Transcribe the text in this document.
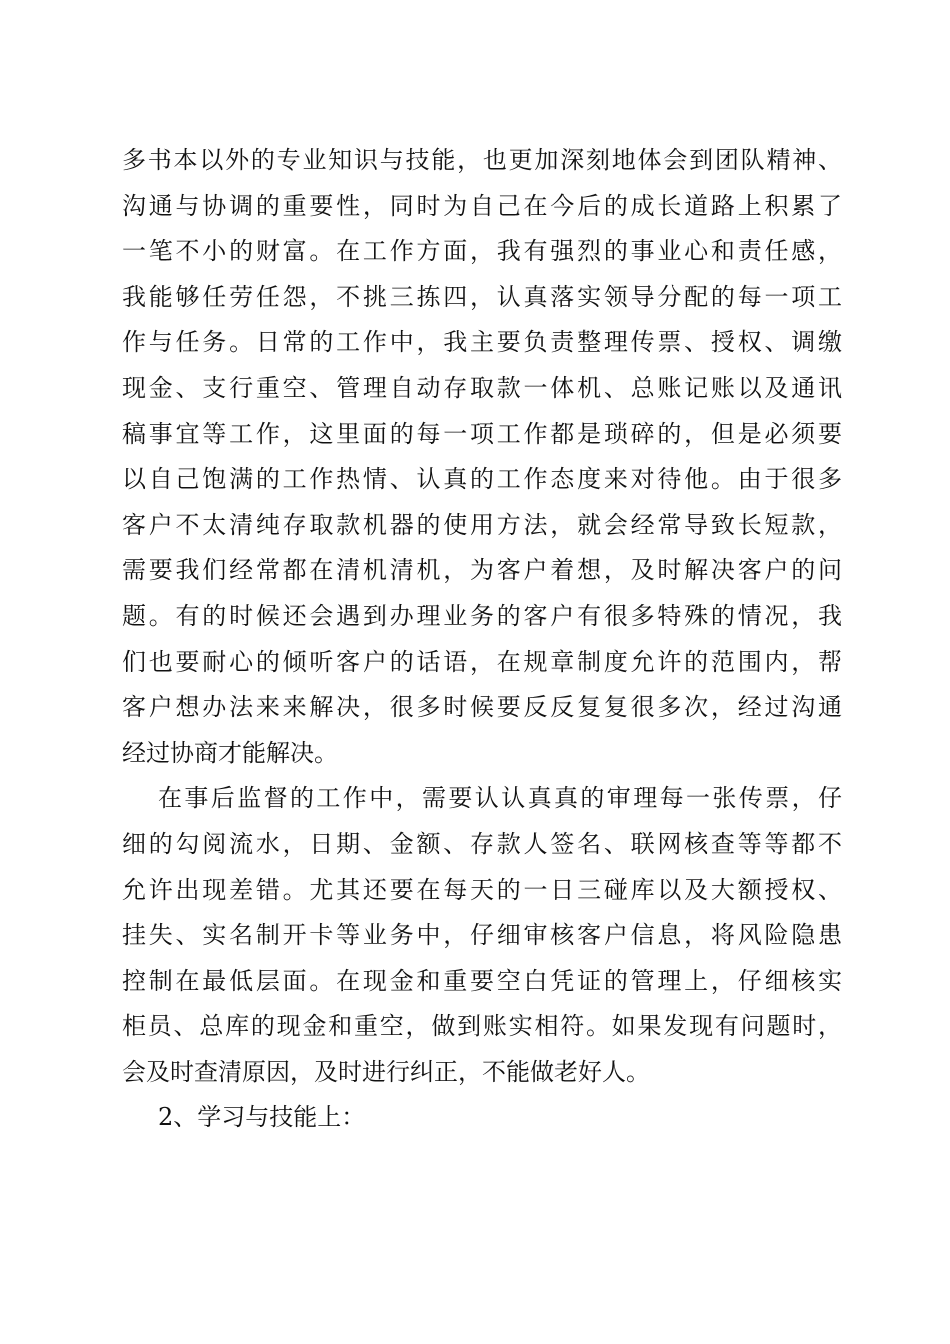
多书本以外的专业知识与技能，也更加深刻地体会到团队精神、
沟通与协调的重要性，同时为自己在今后的成长道路上积累了
一笔不小的财富。在工作方面，我有强烈的事业心和责任感，
我能够任劳任怨，不挑三拣四，认真落实领导分配的每一项工
作与任务。日常的工作中，我主要负责整理传票、授权、调缴
现金、支行重空、管理自动存取款一体机、总账记账以及通讯
稿事宜等工作，这里面的每一项工作都是琐碎的，但是必须要
以自己饱满的工作热情、认真的工作态度来对待他。由于很多
客户不太清纯存取款机器的使用方法，就会经常导致长短款，
需要我们经常都在清机清机，为客户着想，及时解决客户的问
题。有的时候还会遇到办理业务的客户有很多特殊的情况，我
们也要耐心的倾听客户的话语，在规章制度允许的范围内，帮
客户想办法来来解决，很多时候要反反复复很多次，经过沟通
经过协商才能解决。
在事后监督的工作中，需要认认真真的审理每一张传票，仔
细的勾阅流水，日期、金额、存款人签名、联网核查等等都不
允许出现差错。尤其还要在每天的一日三碰库以及大额授权、
挂失、实名制开卡等业务中，仔细审核客户信息，将风险隐患
控制在最低层面。在现金和重要空白凭证的管理上，仔细核实
柜员、总库的现金和重空，做到账实相符。如果发现有问题时，
会及时查清原因，及时进行纠正，不能做老好人。
2、学习与技能上：
